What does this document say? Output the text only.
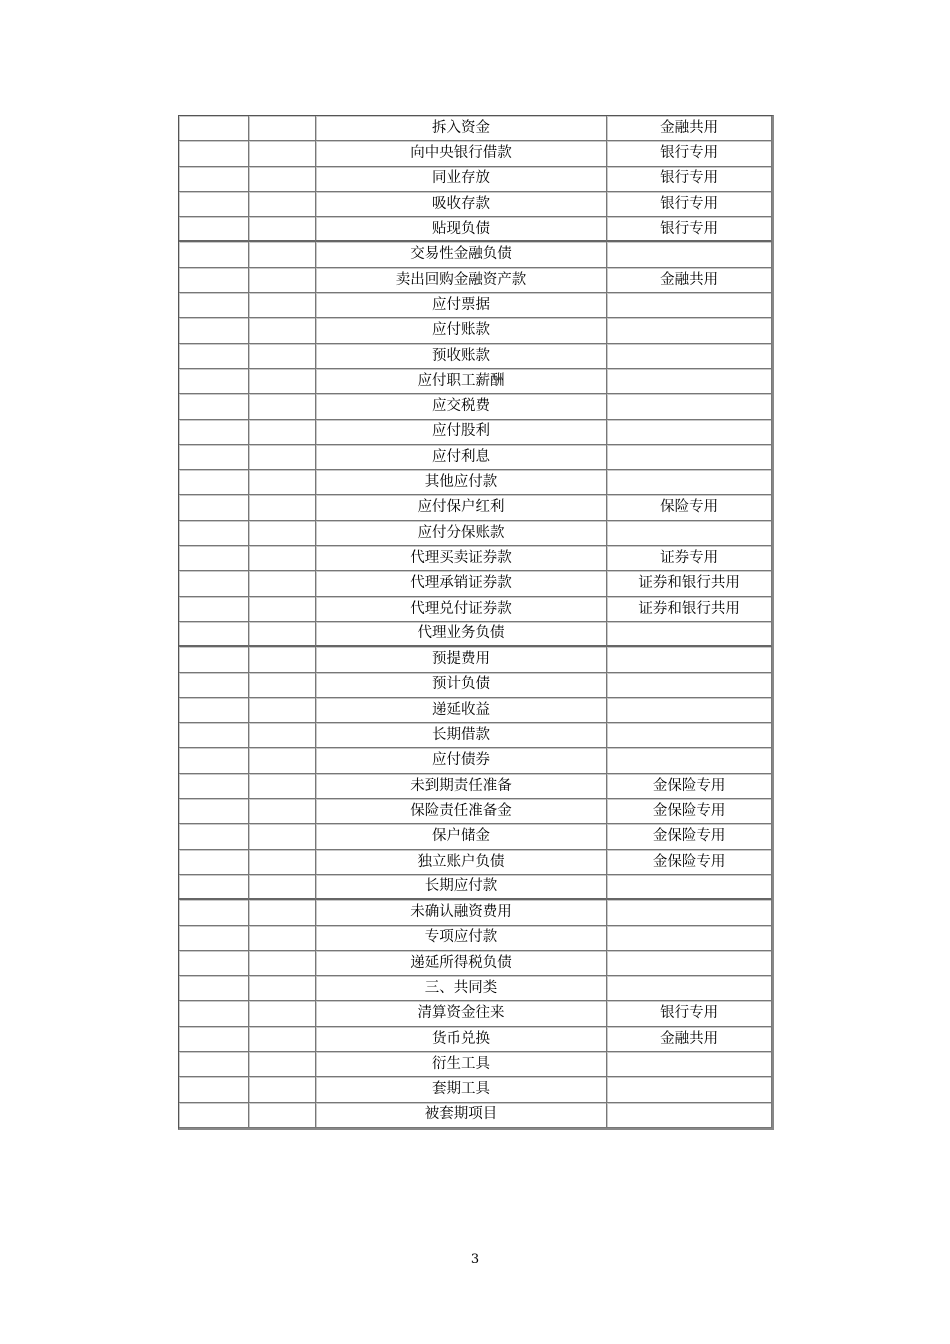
		拆入资金	金融共用
		向中央银行借款	银行专用
		同业存放	银行专用
		吸收存款	银行专用
		贴现负债	银行专用
		交易性金融负债	
		卖出回购金融资产款	金融共用
		应付票据	
		应付账款	
		预收账款	
		应付职工薪酬	
		应交税费	
		应付股利	
		应付利息	
		其他应付款	
		应付保户红利	保险专用
		应付分保账款	
		代理买卖证券款	证券专用
		代理承销证券款	证券和银行共用
		代理兑付证券款	证券和银行共用
		代理业务负债	
		预提费用	
		预计负债	
		递延收益	
		长期借款	
		应付债券	
		未到期责任准备	金保险专用
		保险责任准备金	金保险专用
		保户储金	金保险专用
		独立账户负债	金保险专用
		长期应付款	
		未确认融资费用	
		专项应付款	
		递延所得税负债	
		三、共同类	
		清算资金往来	银行专用
		货币兑换	金融共用
		衍生工具	
		套期工具	
		被套期项目	
3
